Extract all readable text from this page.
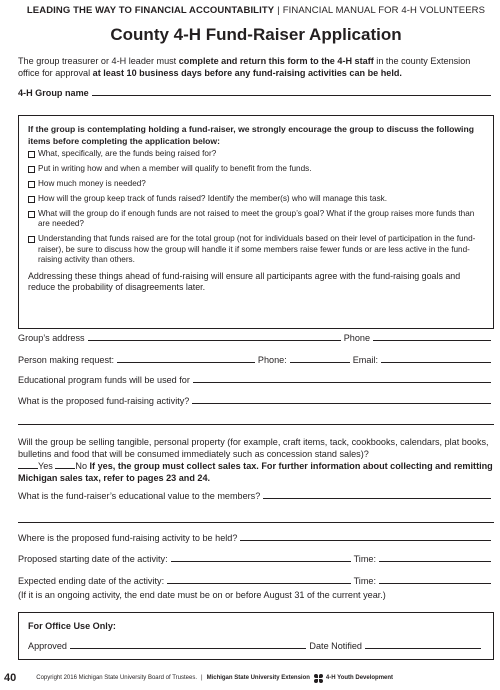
LEADING THE WAY TO FINANCIAL ACCOUNTABILITY | FINANCIAL MANUAL FOR 4-H VOLUNTEERS
County 4-H Fund-Raiser Application
The group treasurer or 4-H leader must complete and return this form to the 4-H staff in the county Extension office for approval at least 10 business days before any fund-raising activities can be held.
4-H Group name
If the group is contemplating holding a fund-raiser, we strongly encourage the group to discuss the following items before completing the application below:
What, specifically, are the funds being raised for?
Put in writing how and when a member will qualify to benefit from the funds.
How much money is needed?
How will the group keep track of funds raised? Identify the member(s) who will manage this task.
What will the group do if enough funds are not raised to meet the group’s goal? What if the group raises more funds than are needed?
Understanding that funds raised are for the total group (not for individuals based on their level of participation in the fund-raiser), be sure to discuss how the group will handle it if some members raise fewer funds or are less active in the fund-raising activity than others.
Addressing these things ahead of fund-raising will ensure all participants agree with the fund-raising goals and reduce the probability of disagreements later.
Group’s address	Phone
Person making request:	Phone:	Email:
Educational program funds will be used for
What is the proposed fund-raising activity?
Will the group be selling tangible, personal property (for example, craft items, tack, cookbooks, calendars, plat books, bulletins and food that will be consumed immediately such as concession stand sales)?
Yes No If yes, the group must collect sales tax. For further information about collecting and remitting Michigan sales tax, refer to pages 23 and 24.
What is the fund-raiser’s educational value to the members?
Where is the proposed fund-raising activity to be held?
Proposed starting date of the activity:	Time:
Expected ending date of the activity:	Time:
(If it is an ongoing activity, the end date must be on or before August 31 of the current year.)
For Office Use Only:
Approved	Date Notified
40	Copyright 2016 Michigan State University Board of Trustees. | Michigan State University Extension	4-H Youth Development
